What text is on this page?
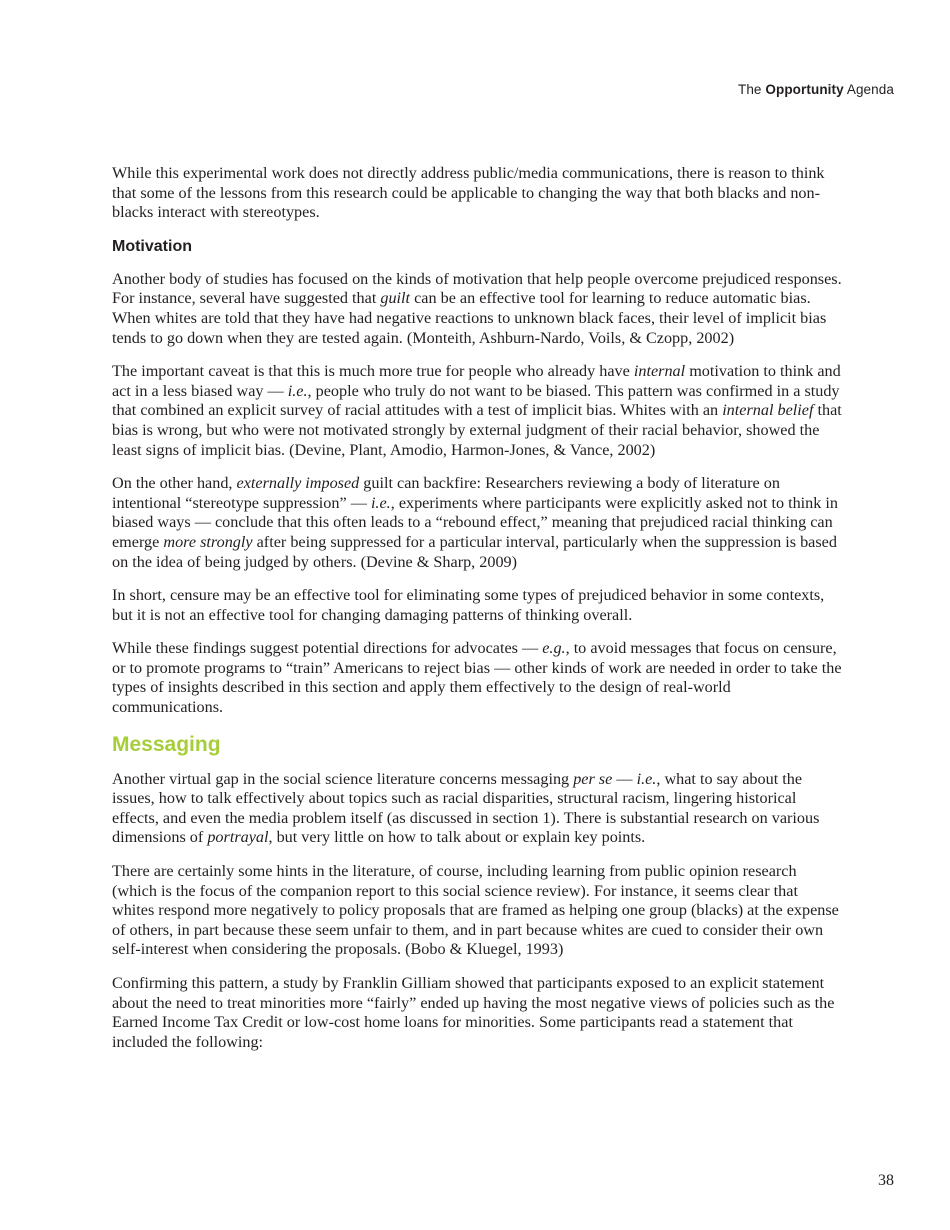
The Opportunity Agenda

While this experimental work does not directly address public/media communications, there is reason to think that some of the lessons from this research could be applicable to changing the way that both blacks and non-blacks interact with stereotypes.

Motivation

Another body of studies has focused on the kinds of motivation that help people overcome prejudiced responses. For instance, several have suggested that guilt can be an effective tool for learning to reduce automatic bias. When whites are told that they have had negative reactions to unknown black faces, their level of implicit bias tends to go down when they are tested again. (Monteith, Ashburn-Nardo, Voils, & Czopp, 2002)

The important caveat is that this is much more true for people who already have internal motivation to think and act in a less biased way — i.e., people who truly do not want to be biased. This pattern was confirmed in a study that combined an explicit survey of racial attitudes with a test of implicit bias. Whites with an internal belief that bias is wrong, but who were not motivated strongly by external judgment of their racial behavior, showed the least signs of implicit bias. (Devine, Plant, Amodio, Harmon-Jones, & Vance, 2002)

On the other hand, externally imposed guilt can backfire: Researchers reviewing a body of literature on intentional “stereotype suppression” — i.e., experiments where participants were explicitly asked not to think in biased ways — conclude that this often leads to a “rebound effect,” meaning that prejudiced racial thinking can emerge more strongly after being suppressed for a particular interval, particularly when the suppression is based on the idea of being judged by others. (Devine & Sharp, 2009)

In short, censure may be an effective tool for eliminating some types of prejudiced behavior in some contexts, but it is not an effective tool for changing damaging patterns of thinking overall.

While these findings suggest potential directions for advocates — e.g., to avoid messages that focus on censure, or to promote programs to “train” Americans to reject bias — other kinds of work are needed in order to take the types of insights described in this section and apply them effectively to the design of real-world communications.

Messaging

Another virtual gap in the social science literature concerns messaging per se — i.e., what to say about the issues, how to talk effectively about topics such as racial disparities, structural racism, lingering historical effects, and even the media problem itself (as discussed in section 1). There is substantial research on various dimensions of portrayal, but very little on how to talk about or explain key points.

There are certainly some hints in the literature, of course, including learning from public opinion research (which is the focus of the companion report to this social science review). For instance, it seems clear that whites respond more negatively to policy proposals that are framed as helping one group (blacks) at the expense of others, in part because these seem unfair to them, and in part because whites are cued to consider their own self-interest when considering the proposals. (Bobo & Kluegel, 1993)

Confirming this pattern, a study by Franklin Gilliam showed that participants exposed to an explicit statement about the need to treat minorities more “fairly” ended up having the most negative views of policies such as the Earned Income Tax Credit or low-cost home loans for minorities. Some participants read a statement that included the following:

38
